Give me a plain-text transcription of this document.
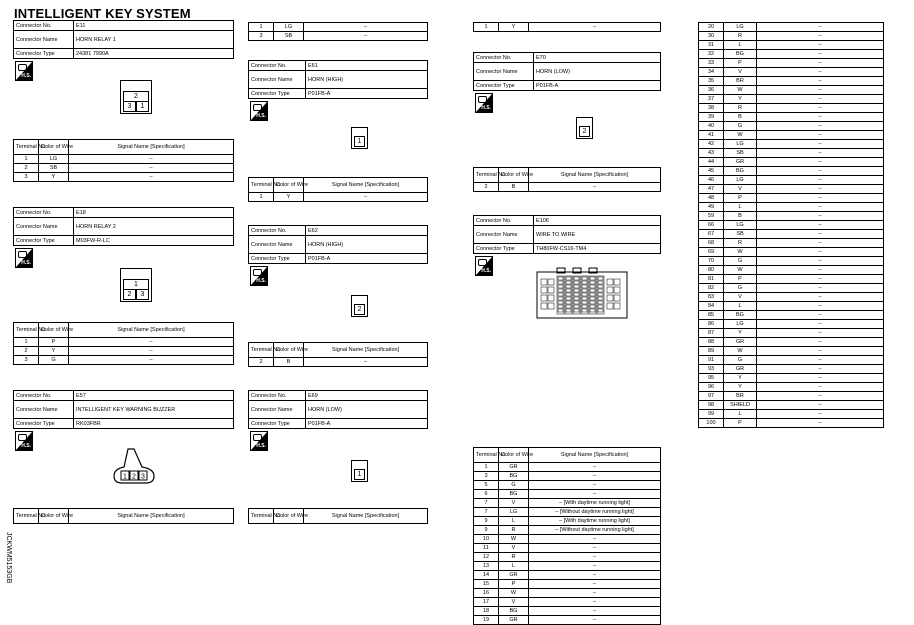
INTELLIGENT KEY SYSTEM
JCKWM5153GB
Connector No.	E11
Connector Name	HORN RELAY 1
Connector Type	24381 7990A
H.S.
2
3	1
Terminal No.	Color of Wire	Signal Name [Specification]
1	LG	–
2	SB	–
3	Y	–
Connector No.	E18
Connector Name	HORN RELAY 2
Connector Type	M03FW-R-LC
H.S.
1
2	3
Terminal No.	Color of Wire	Signal Name [Specification]
1	P	–
2	Y	–
3	G	–
Connector No.	E57
Connector Name	INTELLIGENT KEY WARNING BUZZER
Connector Type	RK03FBR
H.S.
1 2 3
Terminal No.	Color of Wire	Signal Name [Specification]
1	LG	–
3	SB	–
Connector No.	E61
Connector Name	HORN (HIGH)
Connector Type	P01FB-A
H.S.
1
Terminal No.	Color of Wire	Signal Name [Specification]
1	Y	–
Connector No.	E62
Connector Name	HORN (HIGH)
Connector Type	P01FB-A
H.S.
2
Terminal No.	Color of Wire	Signal Name [Specification]
2	B	–
Connector No.	E69
Connector Name	HORN (LOW)
Connector Type	P01FB-A
H.S.
1
Terminal No.	Color of Wire	Signal Name [Specification]
1	Y	–
Connector No.	E70
Connector Name	HORN (LOW)
Connector Type	P01FB-A
H.S.
2
Terminal No.	Color of Wire	Signal Name [Specification]
2	B	–
Connector No.	E106
Connector Name	WIRE TO WIRE
Connector Type	TH80FW-CS16-TM4
H.S.
Terminal No.	Color of Wire	Signal Name [Specification]
1	GR	–
3	BG	–
5	G	–
6	BG	–
7	V	– [With daytime running light]
7	LG	– [Without daytime running light]
9	L	– [With daytime running light]
9	R	– [Without daytime running light]
10	W	–
11	V	–
12	R	–
13	L	–
14	GR	–
15	P	–
16	W	–
17	V	–
18	BG	–
19	GR	–
20	LG	–
30	R	–
31	L	–
32	BG	–
33	P	–
34	V	–
35	BR	–
36	W	–
37	Y	–
38	R	–
39	B	–
40	G	–
41	W	–
42	LG	–
43	SB	–
44	GR	–
45	BG	–
46	LG	–
47	V	–
48	P	–
49	L	–
59	B	–
66	LG	–
67	SB	–
68	R	–
69	W	–
70	G	–
80	W	–
81	P	–
82	G	–
83	V	–
84	L	–
85	BG	–
86	LG	–
87	Y	–
88	GR	–
89	W	–
91	G	–
93	GR	–
95	Y	–
96	Y	–
97	BR	–
98	SHIELD	–
99	L	–
100	P	–
